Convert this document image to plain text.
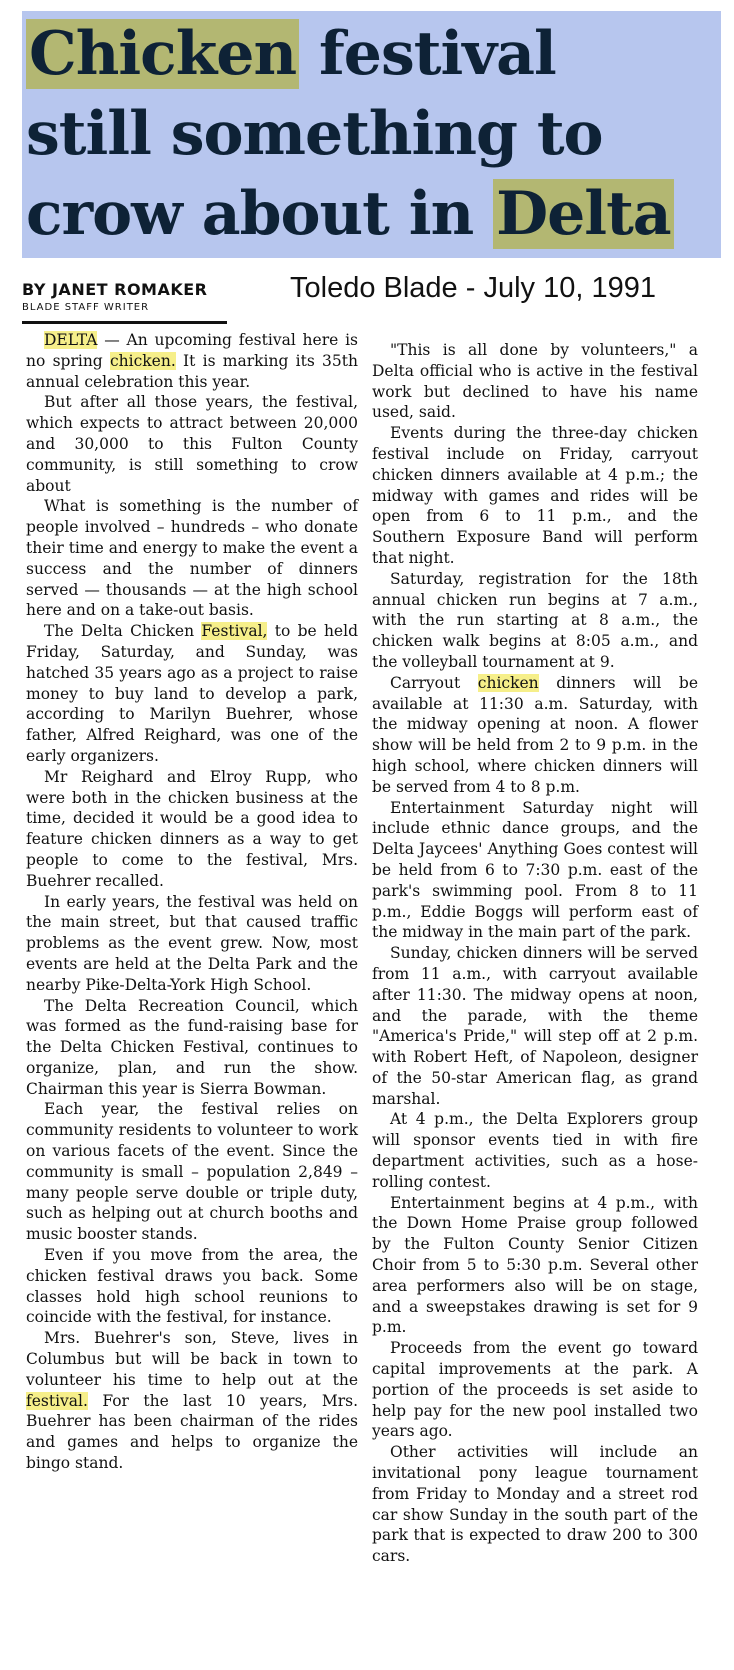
Chicken festival
still something to
crow about in Delta
BY JANET ROMAKER
BLADE STAFF WRITER
Toledo Blade - July 10, 1991

DELTA — An upcoming festival here is no spring chicken. It is marking its 35th annual celebration this year.

But after all those years, the festival, which expects to attract between 20,000 and 30,000 to this Fulton County community, is still something to crow about

What is something is the number of people involved – hundreds – who donate their time and energy to make the event a success and the number of dinners served — thousands — at the high school here and on a take-out basis.

The Delta Chicken Festival, to be held Friday, Saturday, and Sunday, was hatched 35 years ago as a project to raise money to buy land to develop a park, according to Marilyn Buehrer, whose father, Alfred Reighard, was one of the early organizers.

Mr Reighard and Elroy Rupp, who were both in the chicken business at the time, decided it would be a good idea to feature chicken dinners as a way to get people to come to the festival, Mrs. Buehrer recalled.

In early years, the festival was held on the main street, but that caused traffic problems as the event grew. Now, most events are held at the Delta Park and the nearby Pike-Delta-York High School.

The Delta Recreation Council, which was formed as the fund-raising base for the Delta Chicken Festival, continues to organize, plan, and run the show. Chairman this year is Sierra Bowman.

Each year, the festival relies on community residents to volunteer to work on various facets of the event. Since the community is small – population 2,849 – many people serve double or triple duty, such as helping out at church booths and music booster stands.

Even if you move from the area, the chicken festival draws you back. Some classes hold high school reunions to coincide with the festival, for instance.

Mrs. Buehrer's son, Steve, lives in Columbus but will be back in town to volunteer his time to help out at the festival. For the last 10 years, Mrs. Buehrer has been chairman of the rides and games and helps to organize the bingo stand.

"This is all done by volunteers," a Delta official who is active in the festival work but declined to have his name used, said.

Events during the three-day chicken festival include on Friday, carryout chicken dinners available at 4 p.m.; the midway with games and rides will be open from 6 to 11 p.m., and the Southern Exposure Band will perform that night.

Saturday, registration for the 18th annual chicken run begins at 7 a.m., with the run starting at 8 a.m., the chicken walk begins at 8:05 a.m., and the volleyball tournament at 9.

Carryout chicken dinners will be available at 11:30 a.m. Saturday, with the midway opening at noon. A flower show will be held from 2 to 9 p.m. in the high school, where chicken dinners will be served from 4 to 8 p.m.

Entertainment Saturday night will include ethnic dance groups, and the Delta Jaycees' Anything Goes contest will be held from 6 to 7:30 p.m. east of the park's swimming pool. From 8 to 11 p.m., Eddie Boggs will perform east of the midway in the main part of the park.

Sunday, chicken dinners will be served from 11 a.m., with carryout available after 11:30. The midway opens at noon, and the parade, with the theme "America's Pride," will step off at 2 p.m. with Robert Heft, of Napoleon, designer of the 50-star American flag, as grand marshal.

At 4 p.m., the Delta Explorers group will sponsor events tied in with fire department activities, such as a hose-rolling contest.

Entertainment begins at 4 p.m., with the Down Home Praise group followed by the Fulton County Senior Citizen Choir from 5 to 5:30 p.m. Several other area performers also will be on stage, and a sweepstakes drawing is set for 9 p.m.

Proceeds from the event go toward capital improvements at the park. A portion of the proceeds is set aside to help pay for the new pool installed two years ago.

Other activities will include an invitational pony league tournament from Friday to Monday and a street rod car show Sunday in the south part of the park that is expected to draw 200 to 300 cars.
